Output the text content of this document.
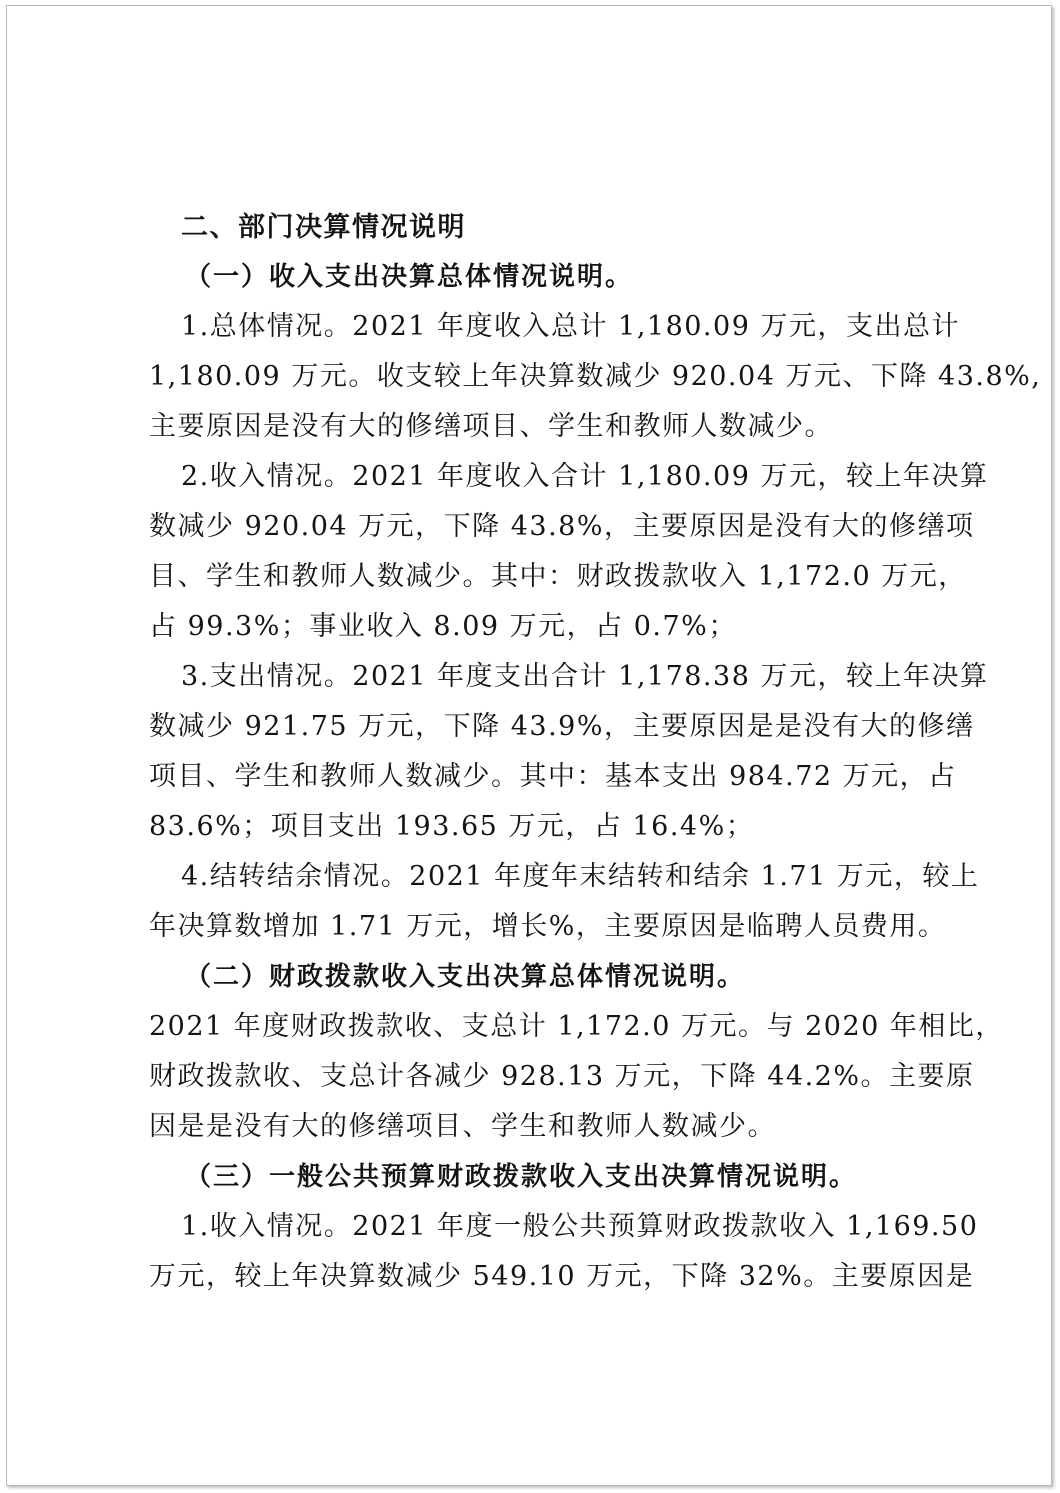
二、部门决算情况说明
（一）收入支出决算总体情况说明。
1.总体情况。2021 年度收入总计 1,180.09 万元，支出总计
1,180.09 万元。收支较上年决算数减少 920.04 万元、下降 43.8%,
主要原因是没有大的修缮项目、学生和教师人数减少。
2.收入情况。2021 年度收入合计 1,180.09 万元，较上年决算
数减少 920.04 万元，下降 43.8%，主要原因是没有大的修缮项
目、学生和教师人数减少。其中：财政拨款收入 1,172.0 万元，
占 99.3%；事业收入 8.09 万元，占 0.7%；
3.支出情况。2021 年度支出合计 1,178.38 万元，较上年决算
数减少 921.75 万元，下降 43.9%，主要原因是是没有大的修缮
项目、学生和教师人数减少。其中：基本支出 984.72 万元，占
83.6%；项目支出 193.65 万元，占 16.4%；
4.结转结余情况。2021 年度年末结转和结余 1.71 万元，较上
年决算数增加 1.71 万元，增长%，主要原因是临聘人员费用。
（二）财政拨款收入支出决算总体情况说明。
2021 年度财政拨款收、支总计 1,172.0 万元。与 2020 年相比，
财政拨款收、支总计各减少 928.13 万元，下降 44.2%。主要原
因是是没有大的修缮项目、学生和教师人数减少。
（三）一般公共预算财政拨款收入支出决算情况说明。
1.收入情况。2021 年度一般公共预算财政拨款收入 1,169.50
万元，较上年决算数减少 549.10 万元，下降 32%。主要原因是
